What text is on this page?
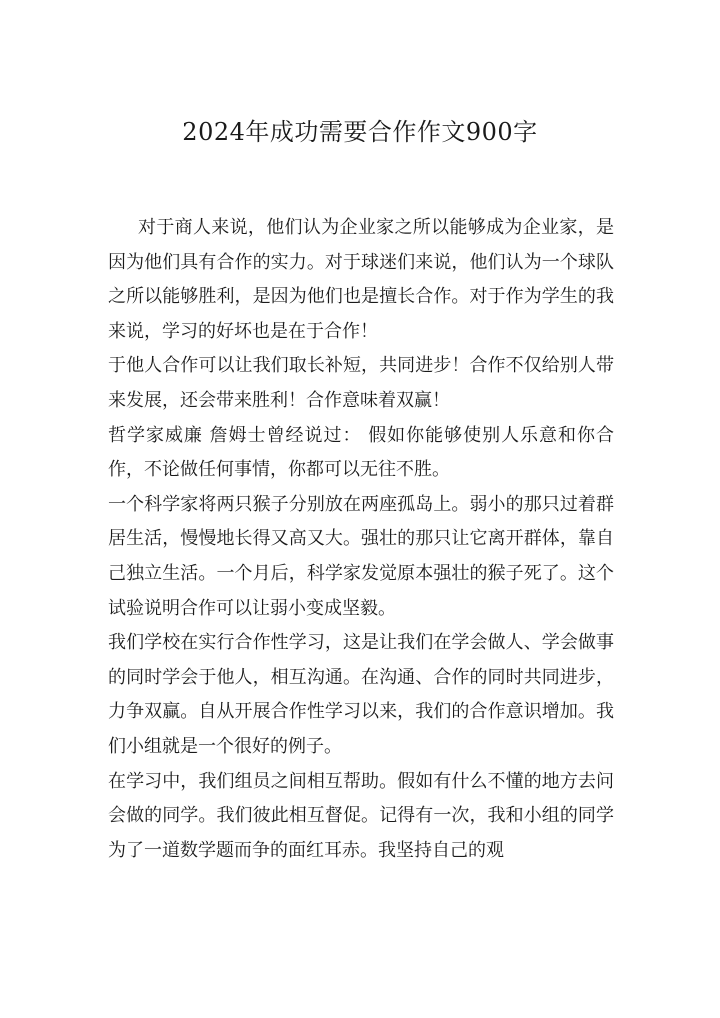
2024年成功需要合作作文900字

对于商人来说，他们认为企业家之所以能够成为企业家，是因为他们具有合作的实力。对于球迷们来说，他们认为一个球队之所以能够胜利，是因为他们也是擅长合作。对于作为学生的我来说，学习的好坏也是在于合作！

于他人合作可以让我们取长补短，共同进步！合作不仅给别人带来发展，还会带来胜利！合作意味着双赢！

哲学家威廉 詹姆士曾经说过： 假如你能够使别人乐意和你合作，不论做任何事情，你都可以无往不胜。

一个科学家将两只猴子分别放在两座孤岛上。弱小的那只过着群居生活，慢慢地长得又高又大。强壮的那只让它离开群体，靠自己独立生活。一个月后，科学家发觉原本强壮的猴子死了。这个试验说明合作可以让弱小变成坚毅。

我们学校在实行合作性学习，这是让我们在学会做人、学会做事的同时学会于他人，相互沟通。在沟通、合作的同时共同进步，力争双赢。自从开展合作性学习以来，我们的合作意识增加。我们小组就是一个很好的例子。

在学习中，我们组员之间相互帮助。假如有什么不懂的地方去问会做的同学。我们彼此相互督促。记得有一次，我和小组的同学为了一道数学题而争的面红耳赤。我坚持自己的观
